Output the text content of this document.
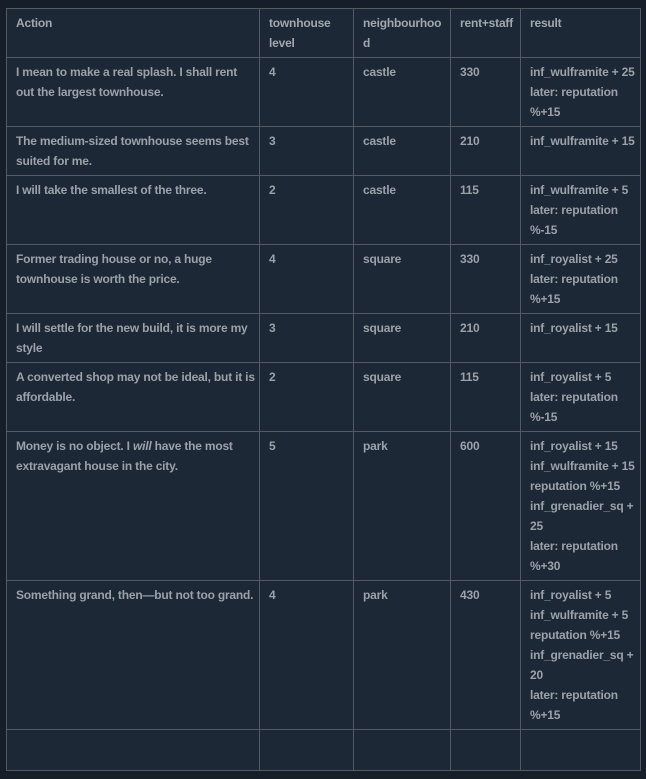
Action	townhouse level	neighbourhood	rent+staff	result
I mean to make a real splash. I shall rent out the largest townhouse.	4	castle	330	inf_wulframite + 25
later: reputation %+15

The medium-sized townhouse seems best suited for me.	3	castle	210	inf_wulframite + 15

I will take the smallest of the three.	2	castle	115	inf_wulframite + 5
later: reputation %-15

Former trading house or no, a huge townhouse is worth the price.	4	square	330	inf_royalist + 25
later: reputation %+15

I will settle for the new build, it is more my style	3	square	210	inf_royalist + 15

A converted shop may not be ideal, but it is affordable.	2	square	115	inf_royalist + 5
later: reputation %-15

Money is no object. I will have the most extravagant house in the city.	5	park	600	inf_royalist + 15
inf_wulframite + 15
reputation %+15
inf_grenadier_sq + 25
later: reputation %+30

Something grand, then—but not too grand.	4	park	430	inf_royalist + 5
inf_wulframite + 5
reputation %+15
inf_grenadier_sq + 20
later: reputation %+15
